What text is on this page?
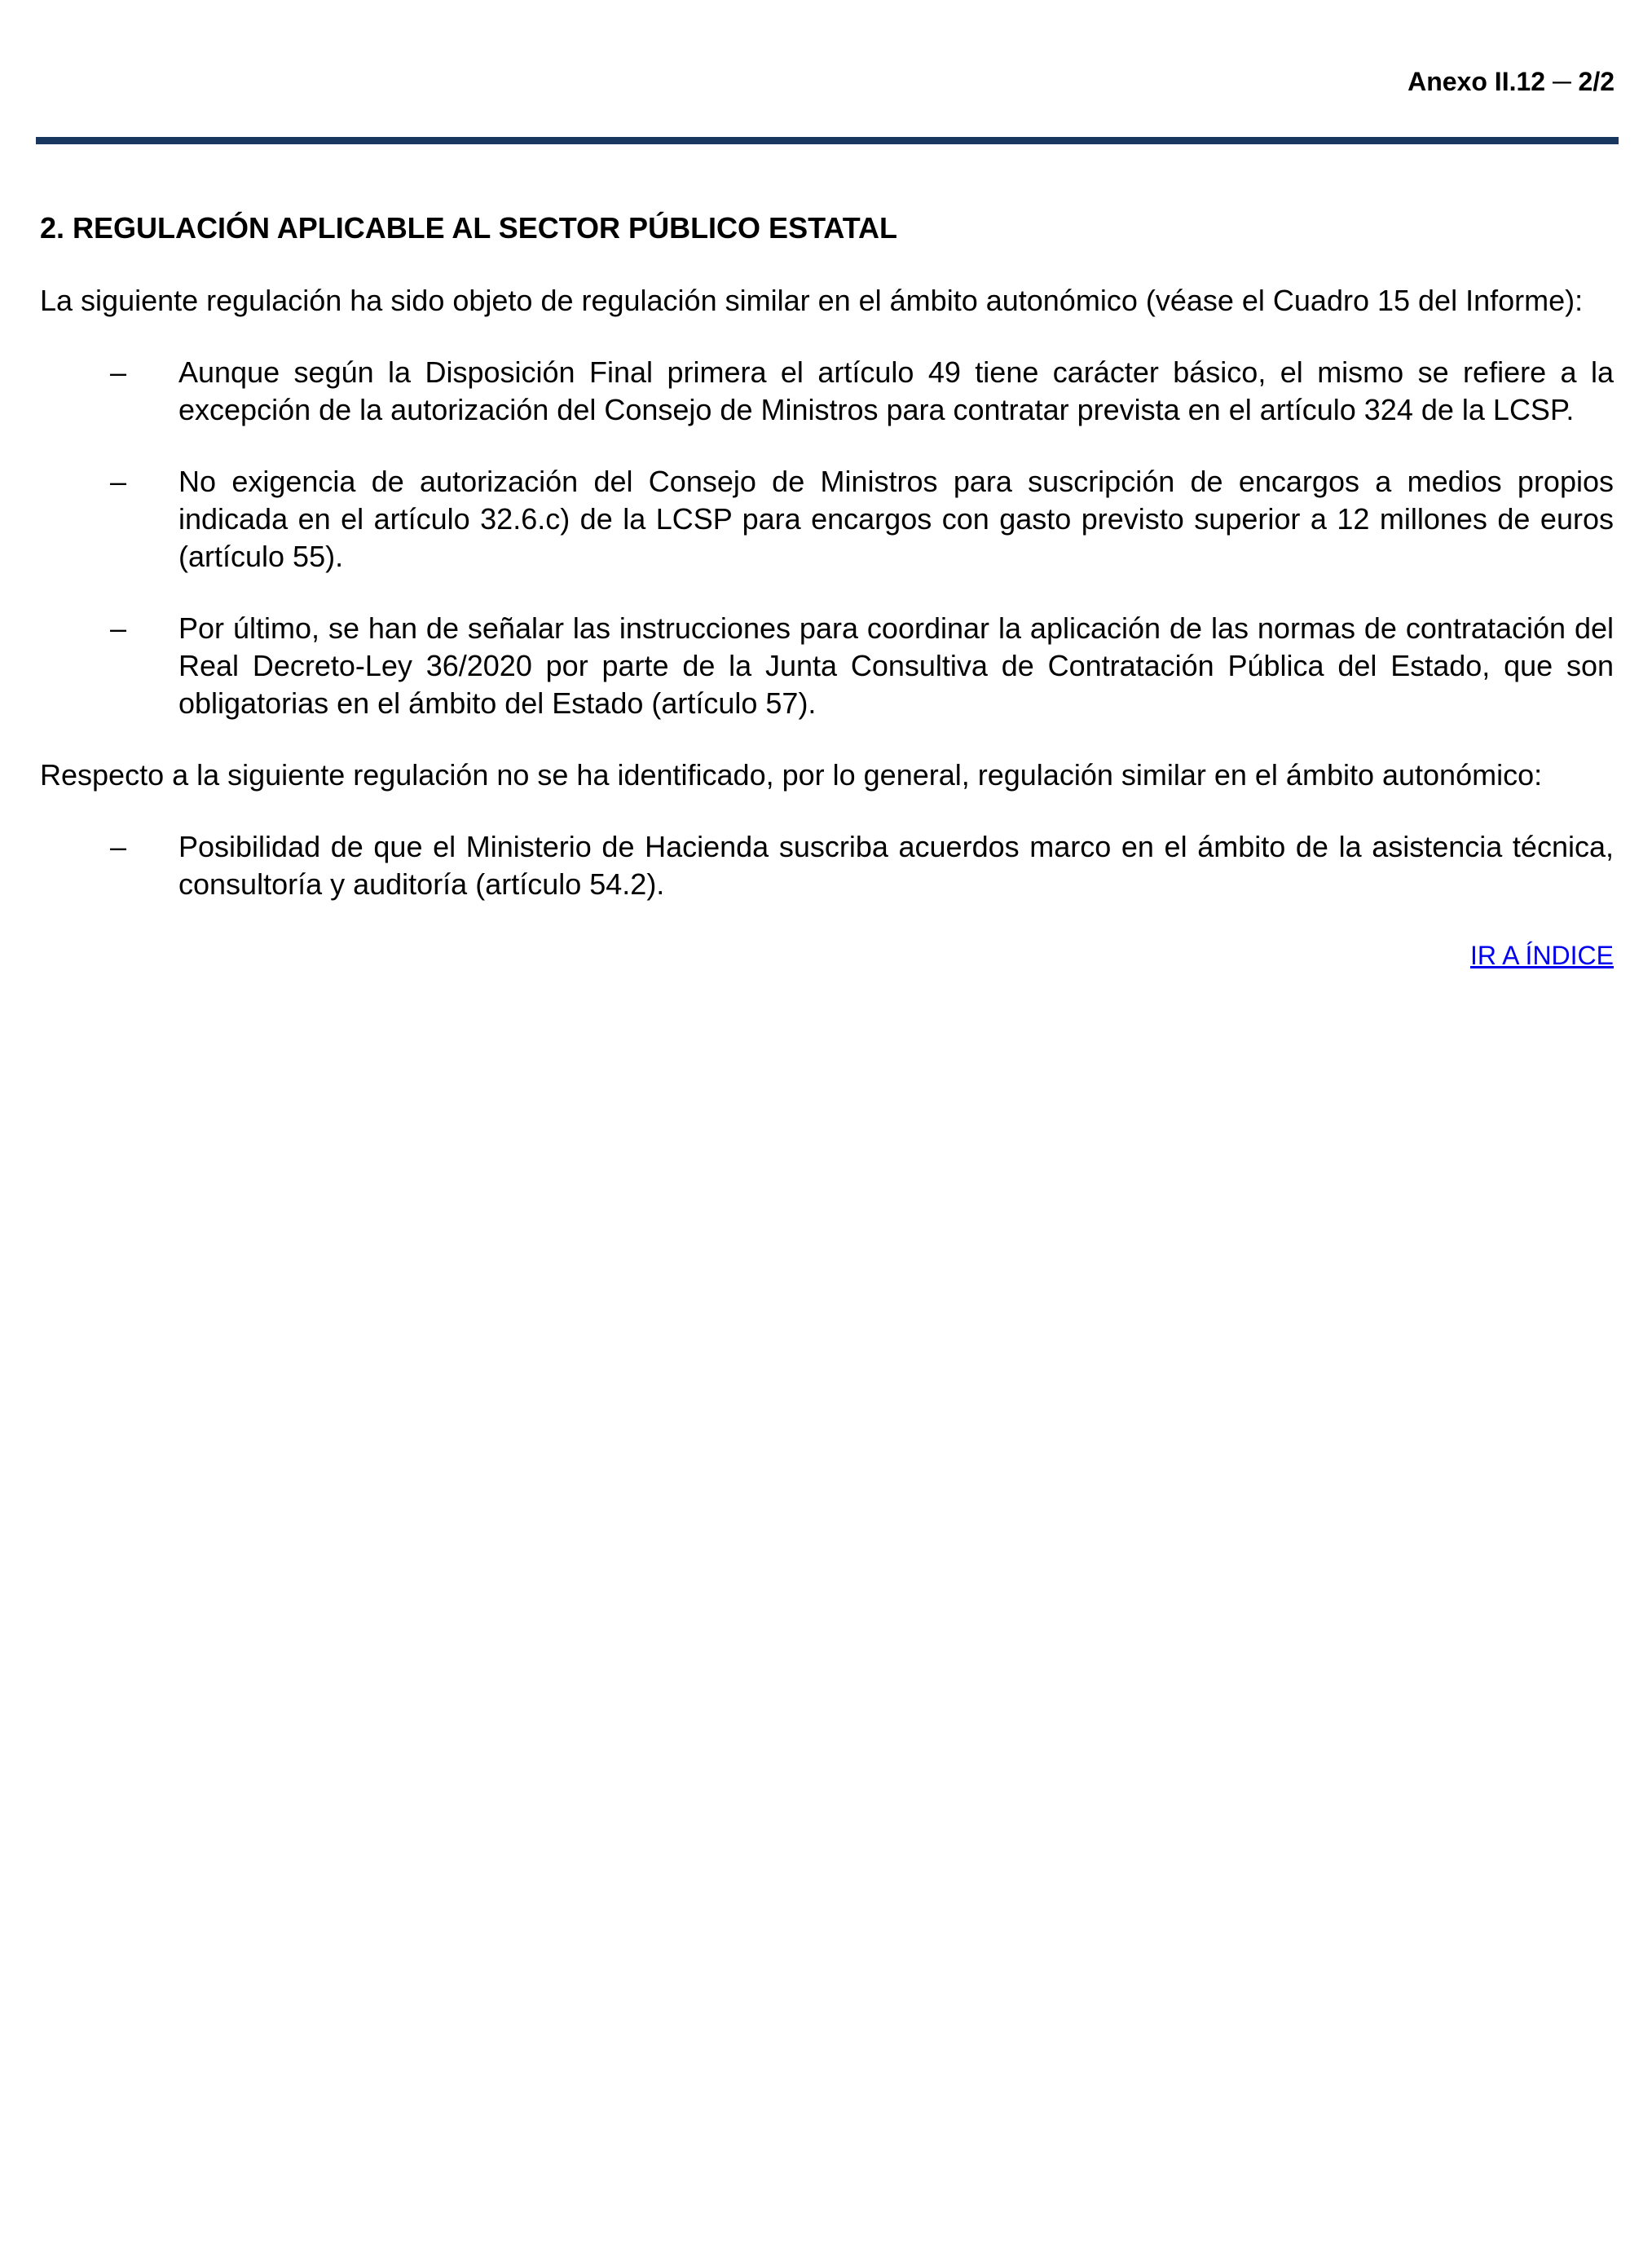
Anexo II.12 ─ 2/2
2. REGULACIÓN APLICABLE AL SECTOR PÚBLICO ESTATAL

La siguiente regulación ha sido objeto de regulación similar en el ámbito autonómico (véase el Cuadro 15 del Informe):

– Aunque según la Disposición Final primera el artículo 49 tiene carácter básico, el mismo se refiere a la excepción de la autorización del Consejo de Ministros para contratar prevista en el artículo 324 de la LCSP.
– No exigencia de autorización del Consejo de Ministros para suscripción de encargos a medios propios indicada en el artículo 32.6.c) de la LCSP para encargos con gasto previsto superior a 12 millones de euros (artículo 55).
– Por último, se han de señalar las instrucciones para coordinar la aplicación de las normas de contratación del Real Decreto-Ley 36/2020 por parte de la Junta Consultiva de Contratación Pública del Estado, que son obligatorias en el ámbito del Estado (artículo 57).

Respecto a la siguiente regulación no se ha identificado, por lo general, regulación similar en el ámbito autonómico:

– Posibilidad de que el Ministerio de Hacienda suscriba acuerdos marco en el ámbito de la asistencia técnica, consultoría y auditoría (artículo 54.2).
IR A ÍNDICE
